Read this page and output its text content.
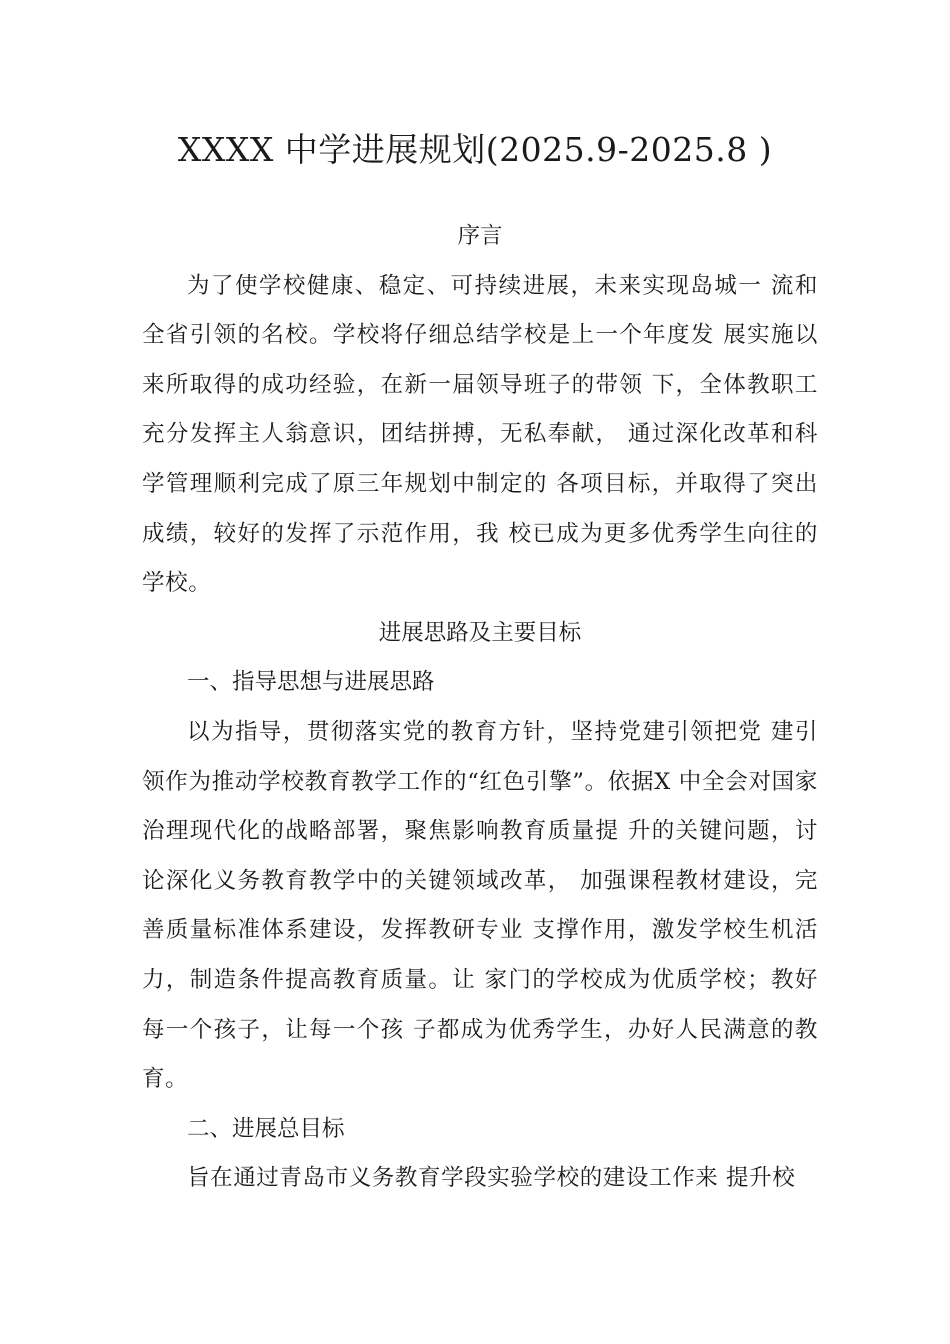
XXXX 中学进展规划(2025.9-2025.8 )

序言

为了使学校健康、稳定、可持续进展，未来实现岛城一 流和全省引领的名校。学校将仔细总结学校是上一个年度发 展实施以来所取得的成功经验，在新一届领导班子的带领 下，全体教职工充分发挥主人翁意识，团结拼搏，无私奉献， 通过深化改革和科学管理顺利完成了原三年规划中制定的 各项目标，并取得了突出成绩，较好的发挥了示范作用，我 校已成为更多优秀学生向往的学校。

进展思路及主要目标

一、指导思想与进展思路

以为指导，贯彻落实党的教育方针，坚持党建引领把党 建引领作为推动学校教育教学工作的“红色引擎”。依据X 中全会对国家治理现代化的战略部署，聚焦影响教育质量提 升的关键问题，讨论深化义务教育教学中的关键领域改革， 加强课程教材建设，完善质量标准体系建设，发挥教研专业 支撑作用，激发学校生机活力，制造条件提高教育质量。让 家门的学校成为优质学校；教好每一个孩子，让每一个孩 子都成为优秀学生，办好人民满意的教育。

二、进展总目标

旨在通过青岛市义务教育学段实验学校的建设工作来 提升校
